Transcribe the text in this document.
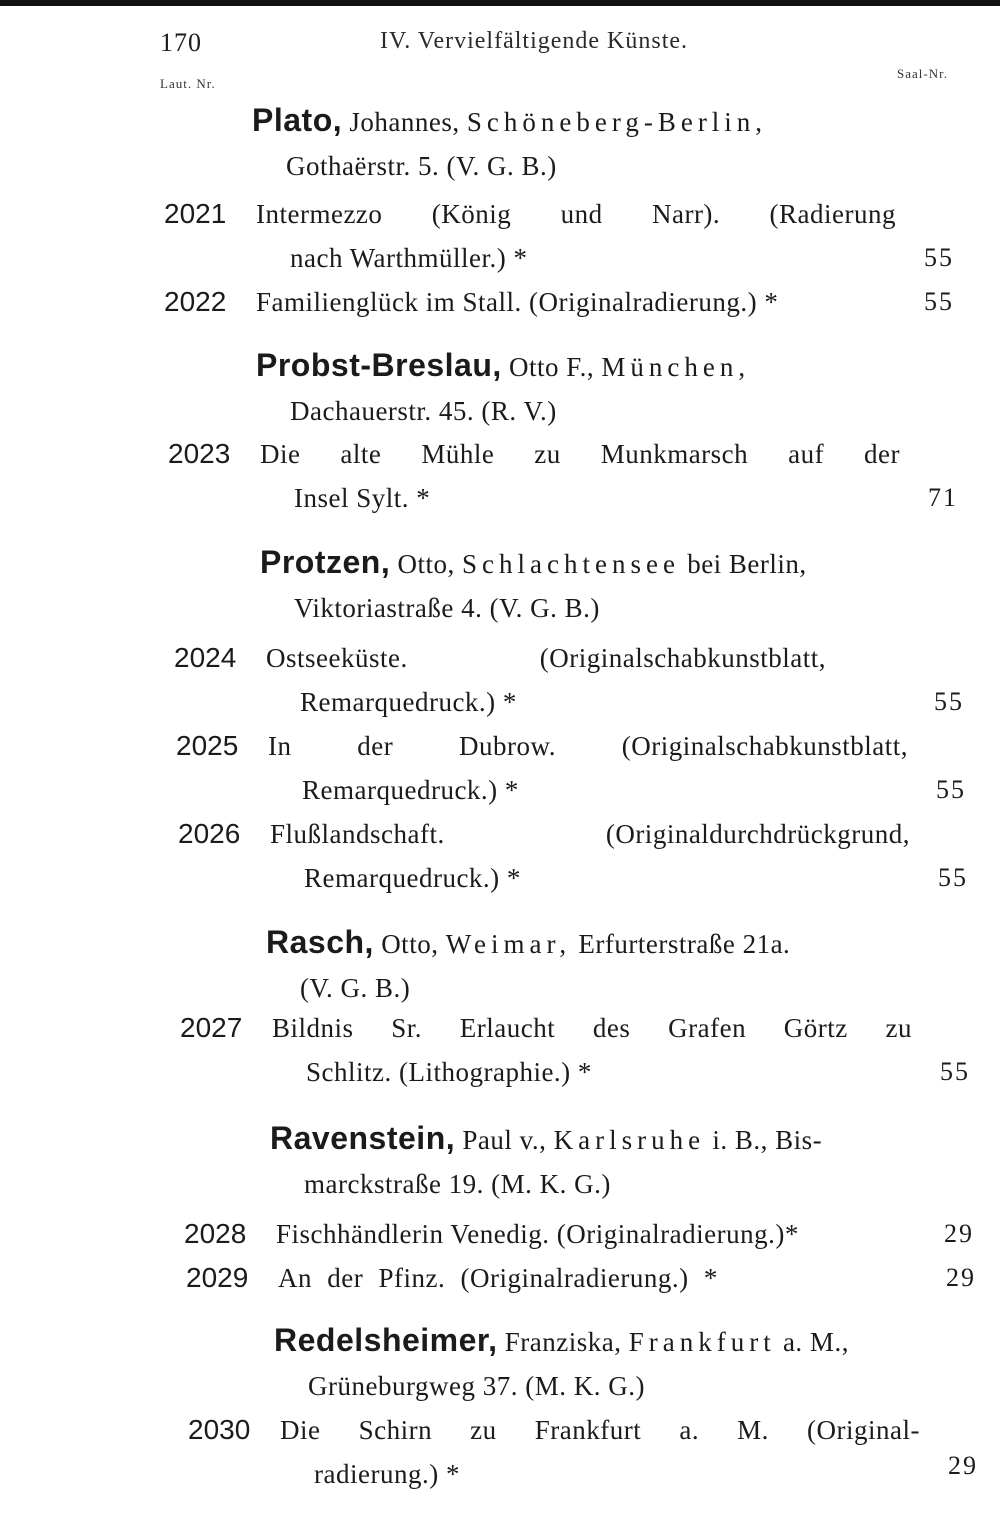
170	IV. Vervielfältigende Künste.
Laut. Nr.
Saal-Nr.
Plato, Johannes, Schöneberg-Berlin,
Gothaërstr. 5. (V. G. B.)
2021 Intermezzo (König und Narr). (Radierung
nach Warthmüller.) *	55
2022 Familienglück im Stall. (Originalradierung.) *	55
Probst-Breslau, Otto F., München,
Dachauerstr. 45. (R. V.)
2023 Die alte Mühle zu Munkmarsch auf der
Insel Sylt. *	71
Protzen, Otto, Schlachtensee bei Berlin,
Viktoriastraße 4. (V. G. B.)
2024 Ostseeküste. (Originalschabkunstblatt,
Remarquedruck.) *	55
2025 In der Dubrow. (Originalschabkunstblatt,
Remarquedruck.) *	55
2026 Flußlandschaft. (Originaldurchdrückgrund,
Remarquedruck.) *	55
Rasch, Otto, Weimar, Erfurterstraße 21a.
(V. G. B.)
2027 Bildnis Sr. Erlaucht des Grafen Görtz zu
Schlitz. (Lithographie.) *	55
Ravenstein, Paul v., Karlsruhe i. B., Bis-
marckstraße 19. (M. K. G.)
2028 Fischhändlerin Venedig. (Originalradierung.)*	29
2029 An der Pfinz. (Originalradierung.) *	29
Redelsheimer, Franziska, Frankfurt a. M.,
Grüneburgweg 37. (M. K. G.)
2030 Die Schirn zu Frankfurt a. M. (Original-
radierung.) *	29
